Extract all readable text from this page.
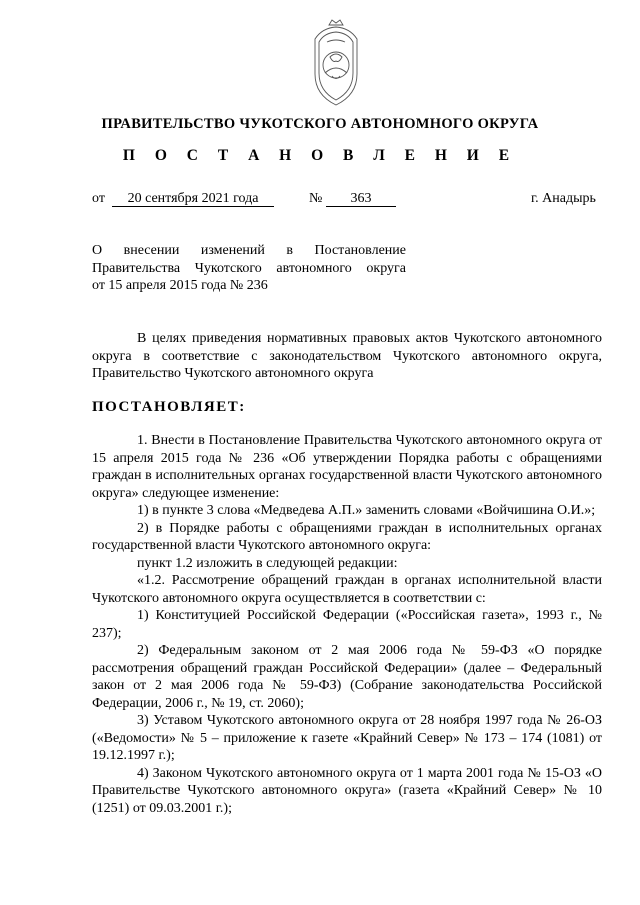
ПРАВИТЕЛЬСТВО ЧУКОТСКОГО АВТОНОМНОГО ОКРУГА
П О С Т А Н О В Л Е Н И Е
от	20 сентября 2021 года	№	363	г. Анадырь
О внесении изменений в Постановление
Правительства Чукотского автономного округа
от 15 апреля 2015 года № 236

В целях приведения нормативных правовых актов Чукотского автономного округа в соответствие с законодательством Чукотского автономного округа, Правительство Чукотского автономного округа

ПОСТАНОВЛЯЕТ:

1. Внести в Постановление Правительства Чукотского автономного округа от 15 апреля 2015 года № 236 «Об утверждении Порядка работы с обращениями граждан в исполнительных органах государственной власти Чукотского автономного округа» следующее изменение:

1) в пункте 3 слова «Медведева А.П.» заменить словами «Войчишина О.И.»;

2) в Порядке работы с обращениями граждан в исполнительных органах государственной власти Чукотского автономного округа:

пункт 1.2 изложить в следующей редакции:

«1.2. Рассмотрение обращений граждан в органах исполнительной власти Чукотского автономного округа осуществляется в соответствии с:

1) Конституцией Российской Федерации («Российская газета», 1993 г., № 237);

2) Федеральным законом от 2 мая 2006 года № 59-ФЗ «О порядке рассмотрения обращений граждан Российской Федерации» (далее – Федеральный закон от 2 мая 2006 года № 59-ФЗ) (Собрание законодательства Российской Федерации, 2006 г., № 19, ст. 2060);

3) Уставом Чукотского автономного округа от 28 ноября 1997 года № 26-ОЗ («Ведомости» № 5 – приложение к газете «Крайний Север» № 173 – 174 (1081) от 19.12.1997 г.);

4) Законом Чукотского автономного округа от 1 марта 2001 года № 15-ОЗ «О Правительстве Чукотского автономного округа» (газета «Крайний Север» № 10 (1251) от 09.03.2001 г.);
